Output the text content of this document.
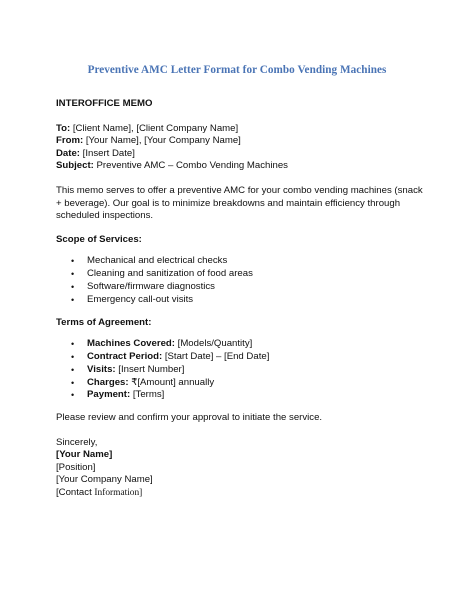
Preventive AMC Letter Format for Combo Vending Machines

INTEROFFICE MEMO

To: [Client Name], [Client Company Name]

From: [Your Name], [Your Company Name]

Date: [Insert Date]

Subject: Preventive AMC – Combo Vending Machines

This memo serves to offer a preventive AMC for your combo vending machines (snack + beverage). Our goal is to minimize breakdowns and maintain efficiency through scheduled inspections.

Scope of Services:

• Mechanical and electrical checks
• Cleaning and sanitization of food areas
• Software/firmware diagnostics
• Emergency call-out visits

Terms of Agreement:

• Machines Covered: [Models/Quantity]
• Contract Period: [Start Date] – [End Date]
• Visits: [Insert Number]
• Charges: ₹[Amount] annually
• Payment: [Terms]

Please review and confirm your approval to initiate the service.

Sincerely,

[Your Name]

[Position]

[Your Company Name]

[Contact Information]
